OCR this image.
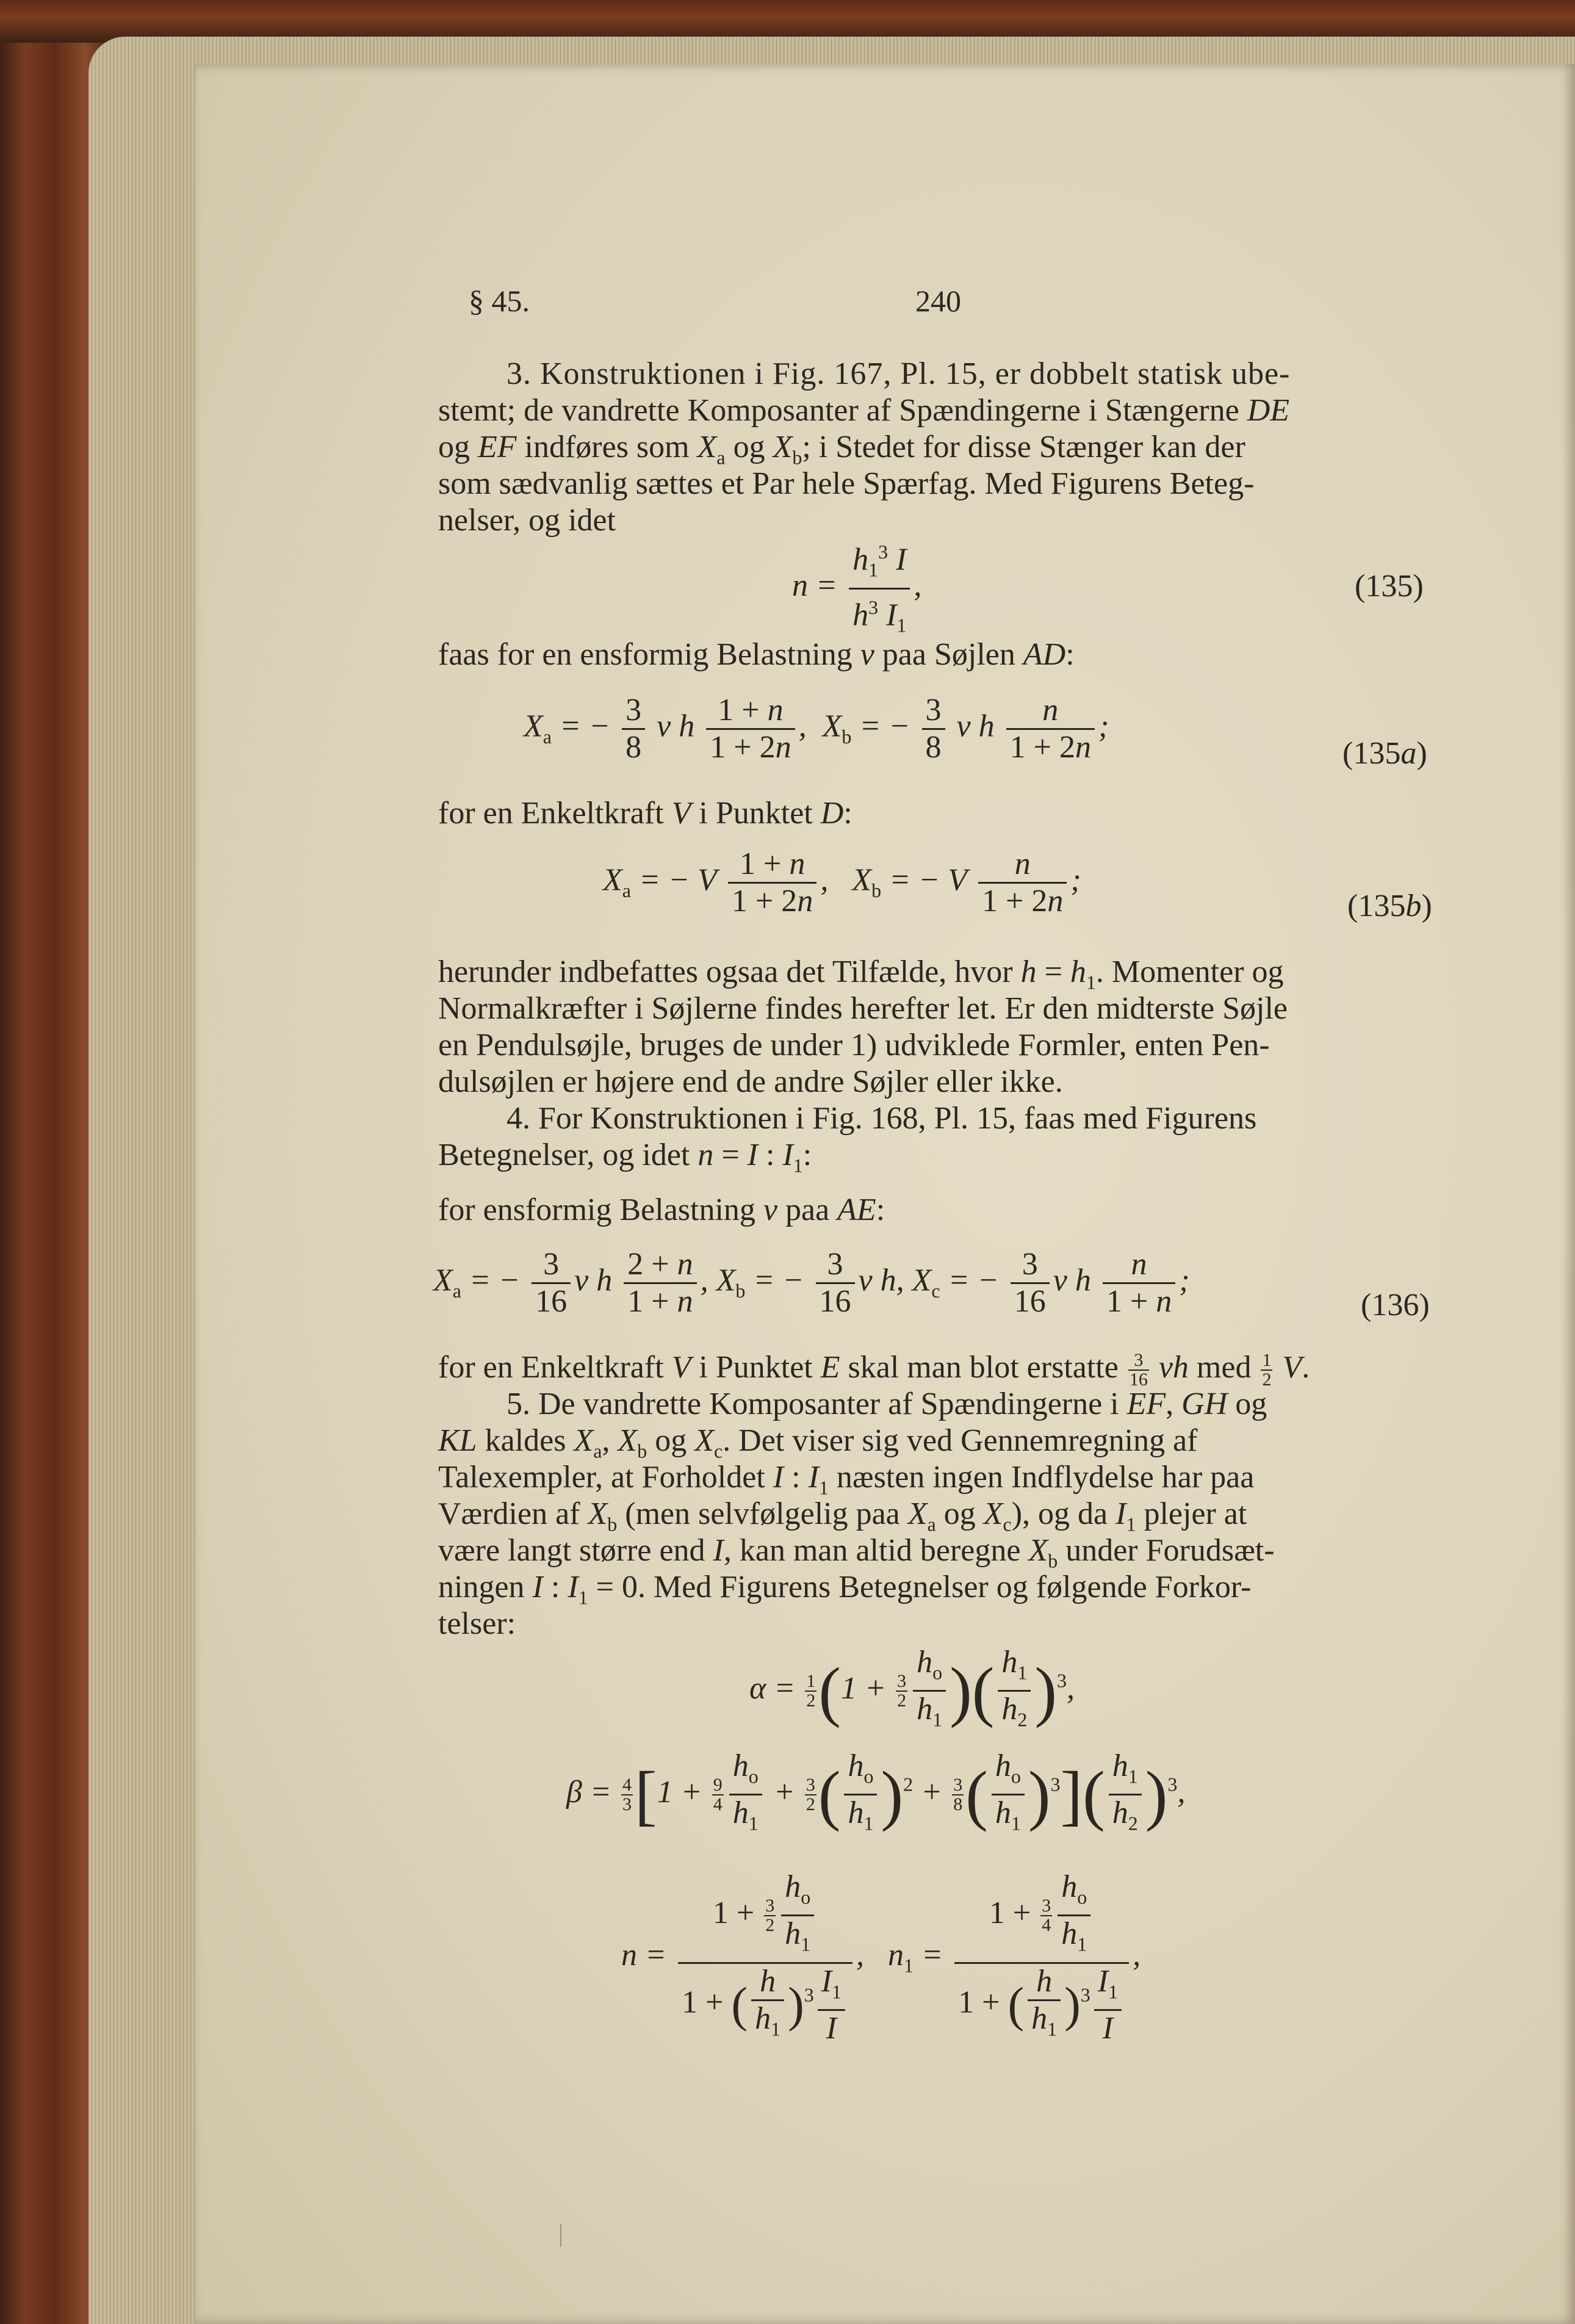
§ 45.	240
3. Konstruktionen i Fig. 167, Pl. 15, er dobbelt statisk ube-
stemt; de vandrette Komposanter af Spændingerne i Stængerne DE
og EF indføres som $X_a$ og $X_b$; i Stedet for disse Stænger kan der
som sædvanlig sættes et Par hele Spærfag. Med Figurens Beteg-
nelser, og idet
$n = \frac{h_1^3 I}{h^3 I_1}$ ,	(135)
faas for en ensformig Belastning v paa Søjlen AD:
$X_a$ = − $\frac{3}{8}$ v h $\frac{1 + n}{1 + 2n}$ ,  $X_b$ = − $\frac{3}{8}$ v h $\frac{n}{1 + 2n}$ ;
(135a)
for en Enkeltkraft V i Punktet D:
$X_a$ = − V $\frac{1 + n}{1 + 2n}$ ,   $X_b$ = − V $\frac{n}{1 + 2n}$ ;
(135b)
herunder indbefattes ogsaa det Tilfælde, hvor $h = h_1$. Momenter og
Normalkræfter i Søjlerne findes herefter let. Er den midterste Søjle
en Pendulsøjle, bruges de under 1) udviklede Formler, enten Pen-
dulsøjlen er højere end de andre Søjler eller ikke.
4. For Konstruktionen i Fig. 168, Pl. 15, faas med Figurens
Betegnelser, og idet n = I : $I_1$:
for ensformig Belastning v paa AE:
$X_a$ = − $\frac{3}{16}$ v h $\frac{2 + n}{1 + n}$ , $X_b$ = − $\frac{3}{16}$ v h, $X_c$ = − $\frac{3}{16}$ v h $\frac{n}{1 + n}$ ;
(136)
for en Enkeltkraft V i Punktet E skal man blot erstatte $\frac{3}{16}$ vh med $\frac{1}{2} V$.
5. De vandrette Komposanter af Spændingerne i EF, GH og
KL kaldes $X_a$, $X_b$ og $X_c$. Det viser sig ved Gennemregning af
Talexempler, at Forholdet I : $I_1$ næsten ingen Indflydelse har paa
Værdien af $X_b$ (men selvfølgelig paa $X_a$ og $X_c$), og da $I_1$ plejer at
være langt større end I, kan man altid beregne $X_b$ under Forudsæt-
ningen I : $I_1 = 0$. Med Figurens Betegnelser og følgende Forkor-
telser:
$\alpha = \frac{1}{2} (1 + \frac{3}{2} \frac{h_o}{h_1}$ )( $\frac{h_1}{h_2} )^3$,
$\beta = \frac{4}{3} [1 + \frac{9}{4} \frac{h_o}{h_1} + \frac{3}{2}$ ( $\frac{h_o}{h_1} )^2 + \frac{3}{8}$ ( $\frac{h_o}{h_1} )^3]( \frac{h_1}{h_2} )^3$,
$n = \frac{1 + \frac{3}{2} \frac{h_o}{h_1}}{1 + ( \frac{h}{h_1} )^3 \frac{I_1}{I}}$ ,   $n_1 = \frac{1 + \frac{3}{4} \frac{h_o}{h_1}}{1 + ( \frac{h}{h_1} )^3 \frac{I_1}{I}}$ ,
|
